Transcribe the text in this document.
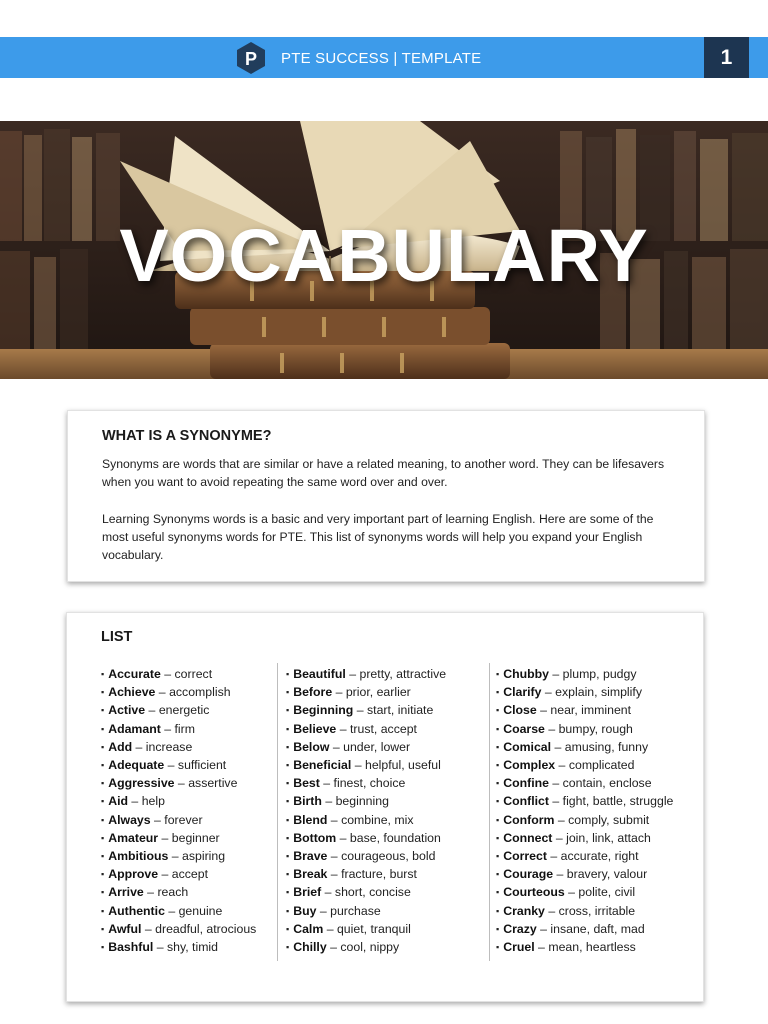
P PTE SUCCESS | TEMPLATE	1
VOCABULARY
WHAT IS A SYNONYME?
Synonyms are words that are similar or have a related meaning, to another word. They can be lifesavers when you want to avoid repeating the same word over and over.
Learning Synonyms words is a basic and very important part of learning English. Here are some of the most useful synonyms words for PTE. This list of synonyms words will help you expand your English vocabulary.
LIST
▪ Accurate – correct
▪ Achieve – accomplish
▪ Active – energetic
▪ Adamant – firm
▪ Add – increase
▪ Adequate – sufficient
▪ Aggressive – assertive
▪ Aid – help
▪ Always – forever
▪ Amateur – beginner
▪ Ambitious – aspiring
▪ Approve – accept
▪ Arrive – reach
▪ Authentic – genuine
▪ Awful – dreadful, atrocious
▪ Bashful – shy, timid
▪ Beautiful – pretty, attractive
▪ Before – prior, earlier
▪ Beginning – start, initiate
▪ Believe – trust, accept
▪ Below – under, lower
▪ Beneficial – helpful, useful
▪ Best – finest, choice
▪ Birth – beginning
▪ Blend – combine, mix
▪ Bottom – base, foundation
▪ Brave – courageous, bold
▪ Break – fracture, burst
▪ Brief – short, concise
▪ Buy – purchase
▪ Calm – quiet, tranquil
▪ Chilly – cool, nippy
▪ Chubby – plump, pudgy
▪ Clarify – explain, simplify
▪ Close – near, imminent
▪ Coarse – bumpy, rough
▪ Comical – amusing, funny
▪ Complex – complicated
▪ Confine – contain, enclose
▪ Conflict – fight, battle, struggle
▪ Conform – comply, submit
▪ Connect – join, link, attach
▪ Correct – accurate, right
▪ Courage – bravery, valour
▪ Courteous – polite, civil
▪ Cranky – cross, irritable
▪ Crazy – insane, daft, mad
▪ Cruel – mean, heartless
